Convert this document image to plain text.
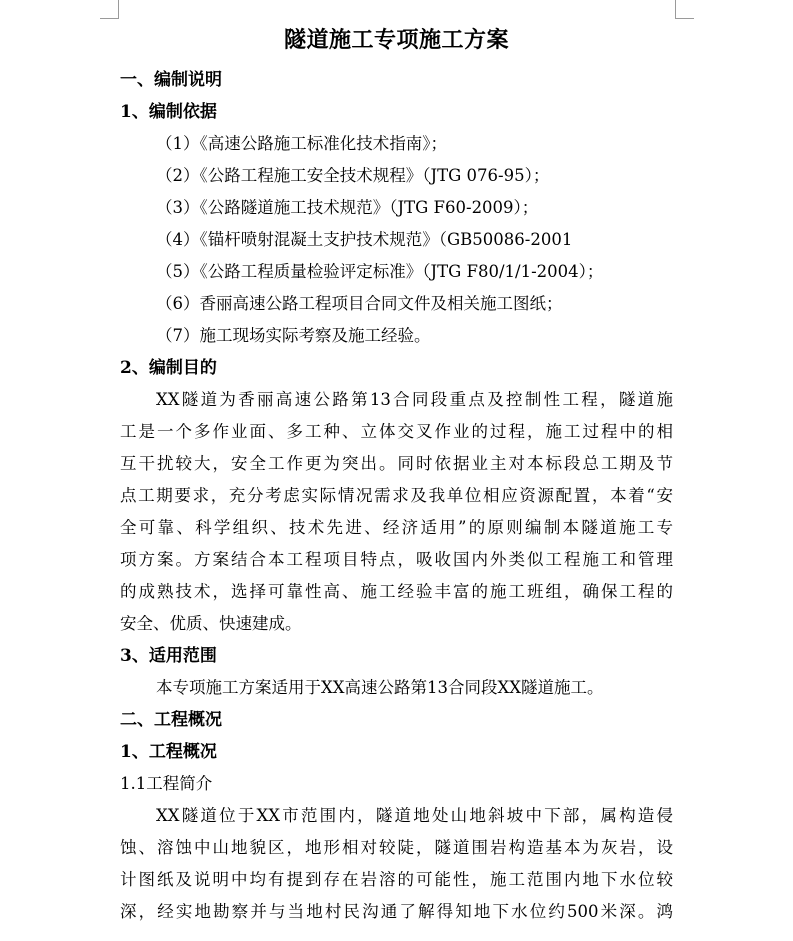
隧道施工专项施工方案
一、编制说明
1、编制依据
（1）《高速公路施工标准化技术指南》；
（2）《公路工程施工安全技术规程》（JTG 076-95）；
（3）《公路隧道施工技术规范》（JTG F60-2009）；
（4）《锚杆喷射混凝土支护技术规范》（GB50086-2001
（5）《公路工程质量检验评定标准》（JTG F80/1/1-2004）；
（6）香丽高速公路工程项目合同文件及相关施工图纸；
（7）施工现场实际考察及施工经验。
2、编制目的
XX隧道为香丽高速公路第13合同段重点及控制性工程，隧道施
工是一个多作业面、多工种、立体交叉作业的过程，施工过程中的相
互干扰较大，安全工作更为突出。同时依据业主对本标段总工期及节
点工期要求，充分考虑实际情况需求及我单位相应资源配置，本着“安
全可靠、科学组织、技术先进、经济适用”的原则编制本隧道施工专
项方案。方案结合本工程项目特点，吸收国内外类似工程施工和管理
的成熟技术，选择可靠性高、施工经验丰富的施工班组，确保工程的
安全、优质、快速建成。
3、适用范围
本专项施工方案适用于XX高速公路第13合同段XX隧道施工。
二、工程概况
1、工程概况
1.1工程简介
XX隧道位于XX市范围内，隧道地处山地斜坡中下部，属构造侵
蚀、溶蚀中山地貌区，地形相对较陡，隧道围岩构造基本为灰岩，设
计图纸及说明中均有提到存在岩溶的可能性，施工范围内地下水位较
深，经实地勘察并与当地村民沟通了解得知地下水位约500米深。鸿
